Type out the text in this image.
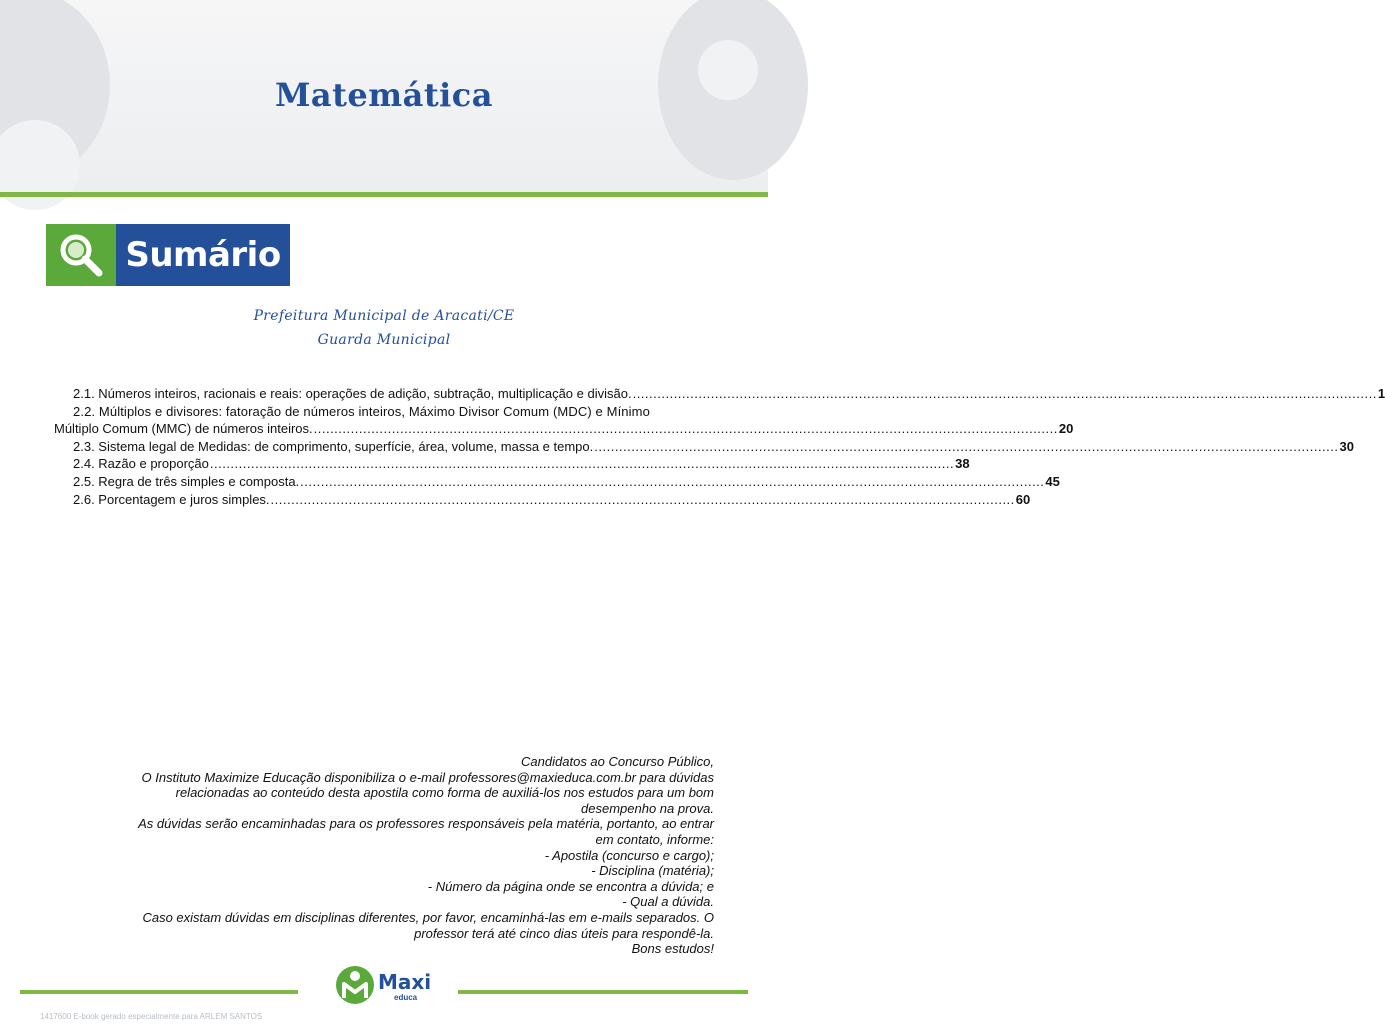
Matemática
Sumário
Prefeitura Municipal de Aracati/CE
Guarda Municipal
2.1. Números inteiros, racionais e reais: operações de adição, subtração, multiplicação e divisão. ..................................................................................................................................................................................... 1
2.2. Múltiplos e divisores: fatoração de números inteiros, Máximo Divisor Comum (MDC) e Mínimo
Múltiplo Comum (MMC) de números inteiros. ..................................................................................................................................................................................... 20
2.3. Sistema legal de Medidas: de comprimento, superfície, área, volume, massa e tempo. ..................................................................................................................................................................................... 30
2.4. Razão e proporção ..................................................................................................................................................................................... 38
2.5. Regra de três simples e composta. ..................................................................................................................................................................................... 45
2.6. Porcentagem e juros simples. ..................................................................................................................................................................................... 60
Candidatos ao Concurso Público,
O Instituto Maximize Educação disponibiliza o e-mail professores@maxieduca.com.br para dúvidas
relacionadas ao conteúdo desta apostila como forma de auxiliá-los nos estudos para um bom
desempenho na prova.
As dúvidas serão encaminhadas para os professores responsáveis pela matéria, portanto, ao entrar
em contato, informe:
- Apostila (concurso e cargo);
- Disciplina (matéria);
- Número da página onde se encontra a dúvida; e
- Qual a dúvida.
Caso existam dúvidas em disciplinas diferentes, por favor, encaminhá-las em e-mails separados. O
professor terá até cinco dias úteis para respondê-la.
Bons estudos!
Maxi
educa
1417600 E-book gerado especialmente para ARLEM SANTOS
